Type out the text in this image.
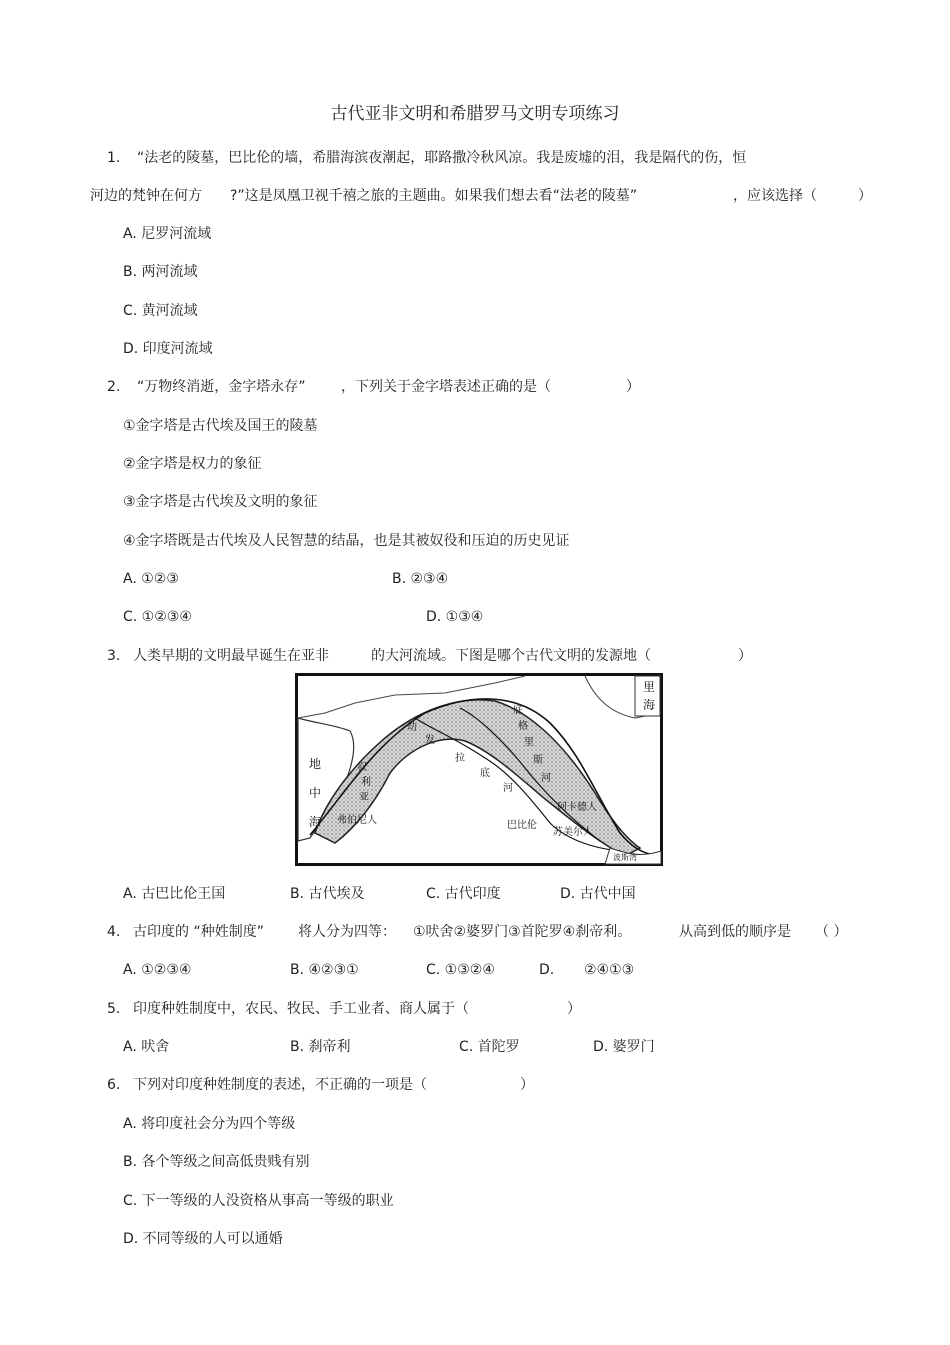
古代亚非文明和希腊罗马文明专项练习
1. “法老的陵墓，巴比伦的墙，希腊海滨夜潮起，耶路撒冷秋风凉。我是废墟的泪，我是隔代的伤，恒
河边的梵钟在何方 ?”这是凤凰卫视千禧之旅的主题曲。如果我们想去看“法老的陵墓”	，应该选择（	）
A. 尼罗河流域
B. 两河流域
C. 黄河流域
D. 印度河流域
2. “万物终消逝，金字塔永存”	，下列关于金字塔表述正确的是（	）
①金字塔是古代埃及国王的陵墓
②金字塔是权力的象征
③金字塔是古代埃及文明的象征
④金字塔既是古代埃及人民智慧的结晶，也是其被奴役和压迫的历史见证
A. ①②③	B. ②③④
C. ①②③④	D. ①③④
3. 人类早期的文明最早诞生在亚非	的大河流域。下图是哪个古代文明的发源地（	）
地
中
海
里
海
幼
发
拉
底
河
底
格
里
斯
河
叙
利
亚
弗伯尼人	巴比伦
阿卡德人
苏美尔人
波斯湾
A. 古巴比伦王国	B. 古代埃及	C. 古代印度	D. 古代中国
4. 古印度的 “种姓制度” 将人分为四等： ①吠舍②婆罗门③首陀罗④刹帝利。	从高到低的顺序是 （ ）
A. ①②③④	B. ④②③①	C. ①③②④	D. ②④①③
5. 印度种姓制度中，农民、牧民、手工业者、商人属于（	）
A. 吠舍	B. 刹帝利	C. 首陀罗	D. 婆罗门
6. 下列对印度种姓制度的表述，不正确的一项是（	）
A. 将印度社会分为四个等级
B. 各个等级之间高低贵贱有别
C. 下一等级的人没资格从事高一等级的职业
D. 不同等级的人可以通婚
